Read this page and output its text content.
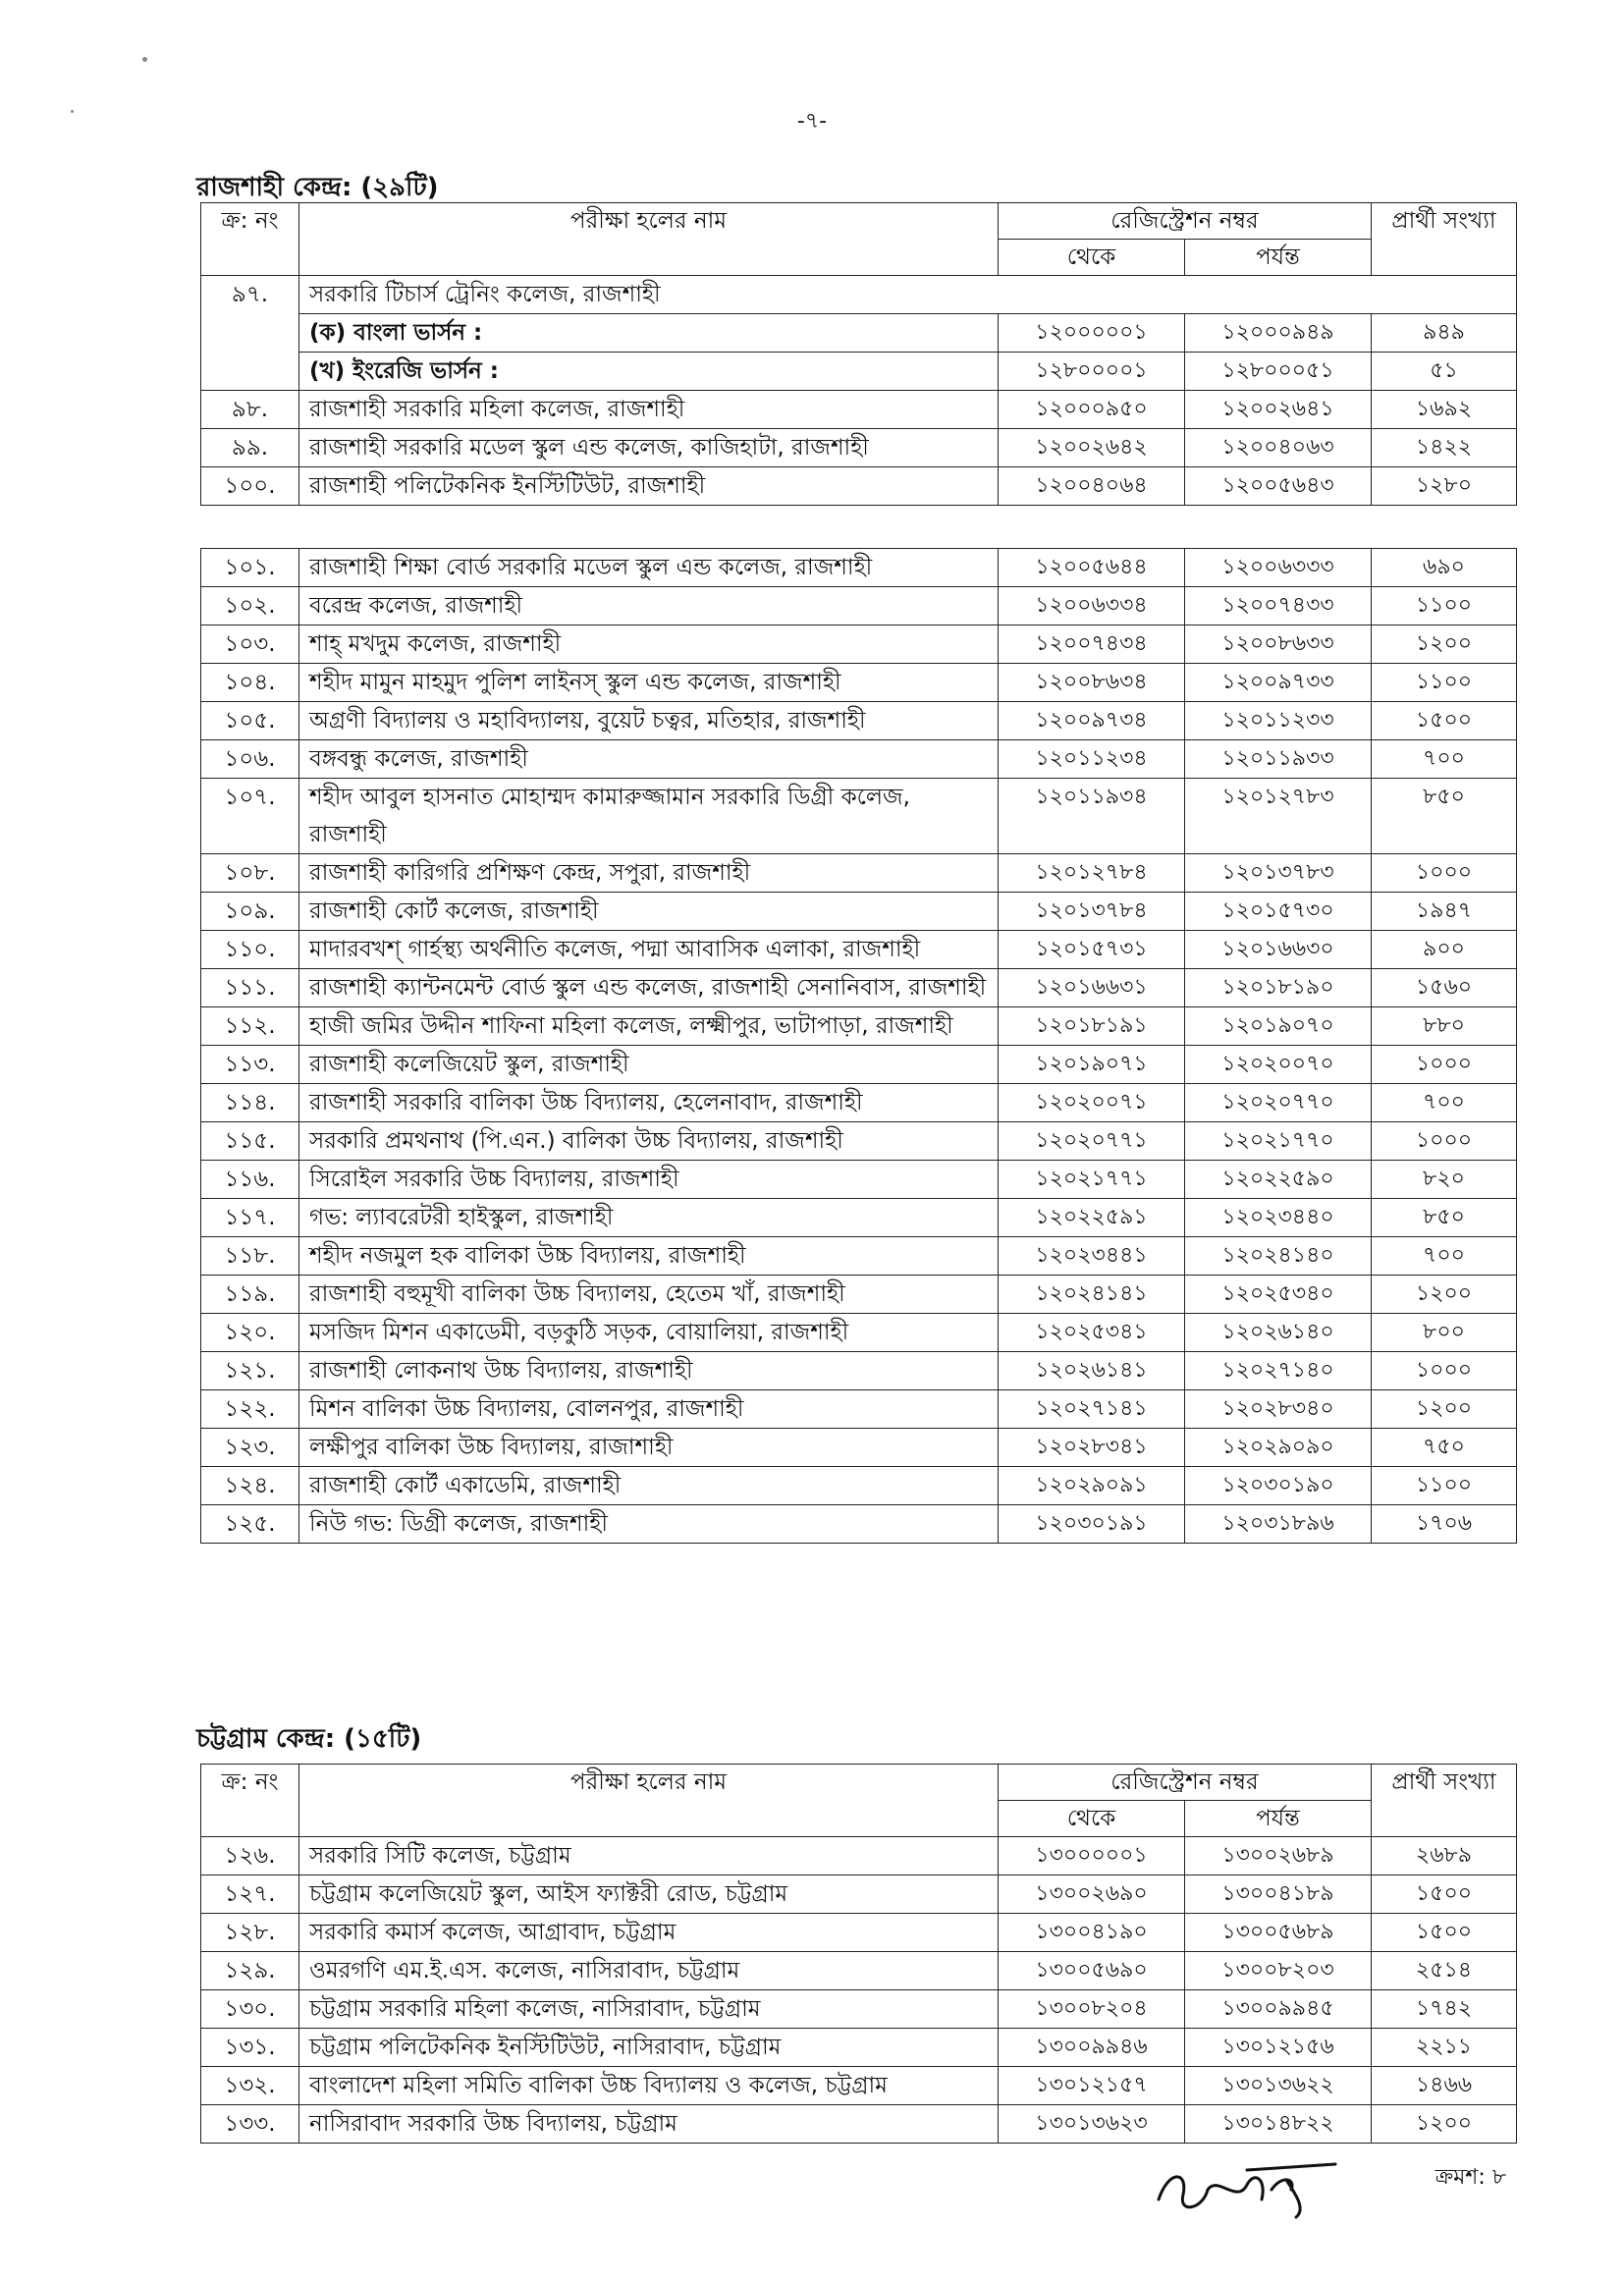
-৭-
রাজশাহী কেন্দ্র: (২৯টি)
ক্র: নং	পরীক্ষা হলের নাম	রেজিস্ট্রেশন নম্বর		প্রার্থী সংখ্যা
		থেকে	পর্যন্ত	
৯৭.	সরকারি টিচার্স ট্রেনিং কলেজ, রাজশাহী			
	(ক) বাংলা ভার্সন :	১২০০০০০১	১২০০০৯৪৯	৯৪৯
	(খ) ইংরেজি ভার্সন :	১২৮০০০০১	১২৮০০০৫১	৫১
৯৮.	রাজশাহী সরকারি মহিলা কলেজ, রাজশাহী	১২০০০৯৫০	১২০০২৬৪১	১৬৯২
৯৯.	রাজশাহী সরকারি মডেল স্কুল এন্ড কলেজ, কাজিহাটা, রাজশাহী	১২০০২৬৪২	১২০০৪০৬৩	১৪২২
১০০.	রাজশাহী পলিটেকনিক ইনস্টিটিউট, রাজশাহী	১২০০৪০৬৪	১২০০৫৬৪৩	১২৮০
১০১.	রাজশাহী শিক্ষা বোর্ড সরকারি মডেল স্কুল এন্ড কলেজ, রাজশাহী	১২০০৫৬৪৪	১২০০৬৩৩৩	৬৯০
১০২.	বরেন্দ্র কলেজ, রাজশাহী	১২০০৬৩৩৪	১২০০৭৪৩৩	১১০০
১০৩.	শাহ্ মখদুম কলেজ, রাজশাহী	১২০০৭৪৩৪	১২০০৮৬৩৩	১২০০
১০৪.	শহীদ মামুন মাহমুদ পুলিশ লাইনস্ স্কুল এন্ড কলেজ, রাজশাহী	১২০০৮৬৩৪	১২০০৯৭৩৩	১১০০
১০৫.	অগ্রণী বিদ্যালয় ও মহাবিদ্যালয়, বুয়েট চত্বর, মতিহার, রাজশাহী	১২০০৯৭৩৪	১২০১১২৩৩	১৫০০
১০৬.	বঙ্গবন্ধু কলেজ, রাজশাহী	১২০১১২৩৪	১২০১১৯৩৩	৭০০
১০৭.	শহীদ আবুল হাসনাত মোহাম্মদ কামারুজ্জামান সরকারি ডিগ্রী কলেজ, রাজশাহী	১২০১১৯৩৪	১২০১২৭৮৩	৮৫০
১০৮.	রাজশাহী কারিগরি প্রশিক্ষণ কেন্দ্র, সপুরা, রাজশাহী	১২০১২৭৮৪	১২০১৩৭৮৩	১০০০
১০৯.	রাজশাহী কোর্ট কলেজ, রাজশাহী	১২০১৩৭৮৪	১২০১৫৭৩০	১৯৪৭
১১০.	মাদারবখশ্ গার্হস্থ্য অর্থনীতি কলেজ, পদ্মা আবাসিক এলাকা, রাজশাহী	১২০১৫৭৩১	১২০১৬৬৩০	৯০০
১১১.	রাজশাহী ক্যান্টনমেন্ট বোর্ড স্কুল এন্ড কলেজ, রাজশাহী সেনানিবাস, রাজশাহী	১২০১৬৬৩১	১২০১৮১৯০	১৫৬০
১১২.	হাজী জমির উদ্দীন শাফিনা মহিলা কলেজ, লক্ষ্মীপুর, ভাটাপাড়া, রাজশাহী	১২০১৮১৯১	১২০১৯০৭০	৮৮০
১১৩.	রাজশাহী কলেজিয়েট স্কুল, রাজশাহী	১২০১৯০৭১	১২০২০০৭০	১০০০
১১৪.	রাজশাহী সরকারি বালিকা উচ্চ বিদ্যালয়, হেলেনাবাদ, রাজশাহী	১২০২০০৭১	১২০২০৭৭০	৭০০
১১৫.	সরকারি প্রমথনাথ (পি.এন.) বালিকা উচ্চ বিদ্যালয়, রাজশাহী	১২০২০৭৭১	১২০২১৭৭০	১০০০
১১৬.	সিরোইল সরকারি উচ্চ বিদ্যালয়, রাজশাহী	১২০২১৭৭১	১২০২২৫৯০	৮২০
১১৭.	গভ: ল্যাবরেটরী হাইস্কুল, রাজশাহী	১২০২২৫৯১	১২০২৩৪৪০	৮৫০
১১৮.	শহীদ নজমুল হক বালিকা উচ্চ বিদ্যালয়, রাজশাহী	১২০২৩৪৪১	১২০২৪১৪০	৭০০
১১৯.	রাজশাহী বহুমূখী বালিকা উচ্চ বিদ্যালয়, হেতেম খাঁ, রাজশাহী	১২০২৪১৪১	১২০২৫৩৪০	১২০০
১২০.	মসজিদ মিশন একাডেমী, বড়কুঠি সড়ক, বোয়ালিয়া, রাজশাহী	১২০২৫৩৪১	১২০২৬১৪০	৮০০
১২১.	রাজশাহী লোকনাথ উচ্চ বিদ্যালয়, রাজশাহী	১২০২৬১৪১	১২০২৭১৪০	১০০০
১২২.	মিশন বালিকা উচ্চ বিদ্যালয়, বোলনপুর, রাজশাহী	১২০২৭১৪১	১২০২৮৩৪০	১২০০
১২৩.	লক্ষীপুর বালিকা উচ্চ বিদ্যালয়, রাজাশাহী	১২০২৮৩৪১	১২০২৯০৯০	৭৫০
১২৪.	রাজশাহী কোর্ট একাডেমি, রাজশাহী	১২০২৯০৯১	১২০৩০১৯০	১১০০
১২৫.	নিউ গভ: ডিগ্রী কলেজ, রাজশাহী	১২০৩০১৯১	১২০৩১৮৯৬	১৭০৬
চট্টগ্রাম কেন্দ্র: (১৫টি)
ক্র: নং	পরীক্ষা হলের নাম	রেজিস্ট্রেশন নম্বর		প্রার্থী সংখ্যা
		থেকে	পর্যন্ত	
১২৬.	সরকারি সিটি কলেজ, চট্টগ্রাম	১৩০০০০০১	১৩০০২৬৮৯	২৬৮৯
১২৭.	চট্টগ্রাম কলেজিয়েট স্কুল, আইস ফ্যাক্টরী রোড, চট্টগ্রাম	১৩০০২৬৯০	১৩০০৪১৮৯	১৫০০
১২৮.	সরকারি কমার্স কলেজ, আগ্রাবাদ, চট্টগ্রাম	১৩০০৪১৯০	১৩০০৫৬৮৯	১৫০০
১২৯.	ওমরগণি এম.ই.এস. কলেজ, নাসিরাবাদ, চট্টগ্রাম	১৩০০৫৬৯০	১৩০০৮২০৩	২৫১৪
১৩০.	চট্টগ্রাম সরকারি মহিলা কলেজ, নাসিরাবাদ, চট্টগ্রাম	১৩০০৮২০৪	১৩০০৯৯৪৫	১৭৪২
১৩১.	চট্টগ্রাম পলিটেকনিক ইনস্টিটিউট, নাসিরাবাদ, চট্টগ্রাম	১৩০০৯৯৪৬	১৩০১২১৫৬	২২১১
১৩২.	বাংলাদেশ মহিলা সমিতি বালিকা উচ্চ বিদ্যালয় ও কলেজ, চট্টগ্রাম	১৩০১২১৫৭	১৩০১৩৬২২	১৪৬৬
১৩৩.	নাসিরাবাদ সরকারি উচ্চ বিদ্যালয়, চট্টগ্রাম	১৩০১৩৬২৩	১৩০১৪৮২২	১২০০
ক্রমশ: ৮
